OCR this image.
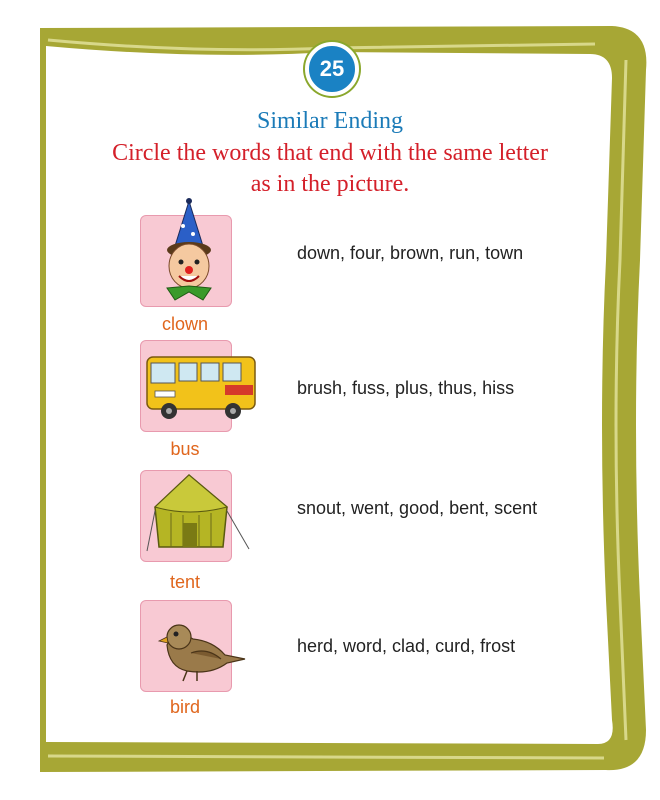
25
Similar Ending
Circle the words that end with the same letter as in the picture.
clown
down, four, brown, run, town
bus
brush, fuss, plus, thus, hiss
tent
snout, went, good, bent, scent
bird
herd, word, clad, curd, frost
